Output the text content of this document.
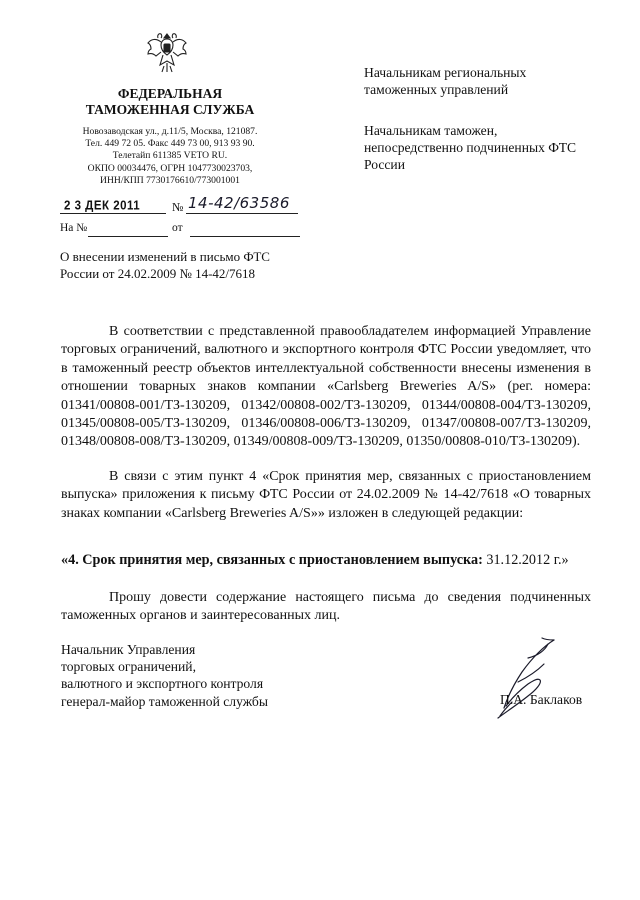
ФЕДЕРАЛЬНАЯ ТАМОЖЕННАЯ СЛУЖБА
Новозаводская ул., д.11/5, Москва, 121087.
Тел. 449 72 05. Факс 449 73 00, 913 93 90.
Телетайп 611385 VETO RU.
ОКПО 00034476, ОГРН 1047730023703,
ИНН/КПП 7730176610/773001001
2 3 ДЕК 2011	№ 14-42/63586
На №	от
О внесении изменений в письмо ФТС России от 24.02.2009 № 14-42/7618
Начальникам региональных таможенных управлений
Начальникам таможен, непосредственно подчиненных ФТС России
В соответствии с представленной правообладателем информацией Управление торговых ограничений, валютного и экспортного контроля ФТС России уведомляет, что в таможенный реестр объектов интеллектуальной собственности внесены изменения в отношении товарных знаков компании «Carlsberg Breweries A/S» (рег. номера: 01341/00808-001/ТЗ-130209, 01342/00808-002/ТЗ-130209, 01344/00808-004/ТЗ-130209, 01345/00808-005/ТЗ-130209, 01346/00808-006/ТЗ-130209, 01347/00808-007/ТЗ-130209, 01348/00808-008/ТЗ-130209, 01349/00808-009/ТЗ-130209, 01350/00808-010/ТЗ-130209).
В связи с этим пункт 4 «Срок принятия мер, связанных с приостановлением выпуска» приложения к письму ФТС России от 24.02.2009 № 14-42/7618 «О товарных знаках компании «Carlsberg Breweries A/S»» изложен в следующей редакции:
«4. Срок принятия мер, связанных с приостановлением выпуска: 31.12.2012 г.»
Прошу довести содержание настоящего письма до сведения подчиненных таможенных органов и заинтересованных лиц.
Начальник Управления
торговых ограничений,
валютного и экспортного контроля
генерал-майор таможенной службы	П.А. Баклаков
